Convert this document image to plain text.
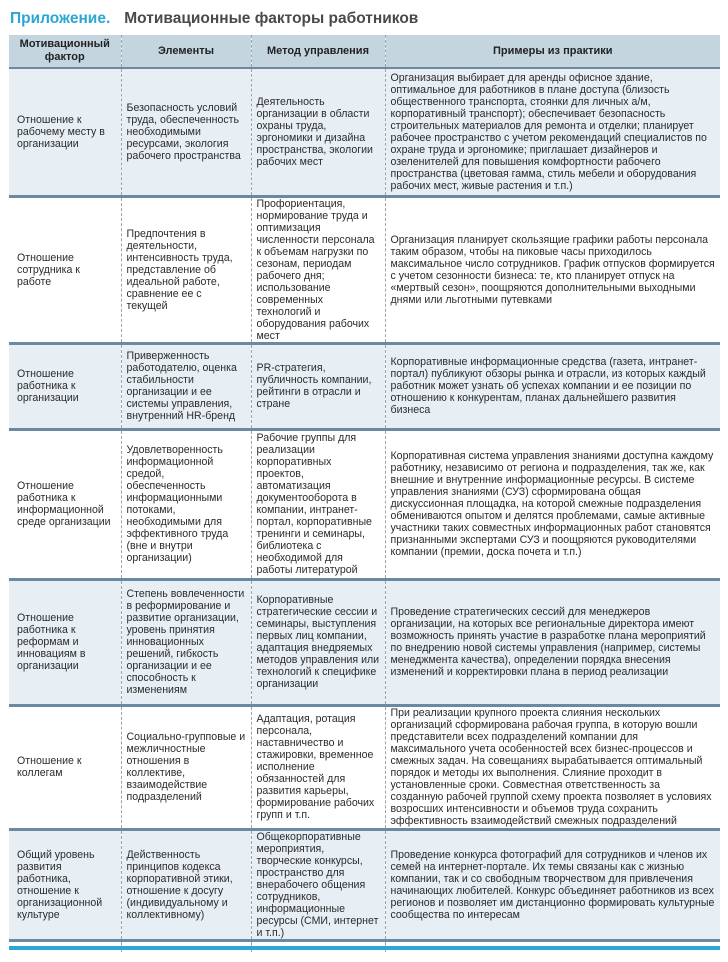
Приложение. Мотивационные факторы работников
Мотивационный фактор	Элементы	Метод управления	Примеры из практики
Отношение к рабочему месту в организации	Безопасность условий труда, обеспеченность необходимыми ресурсами, экология рабочего пространства	Деятельность организации в области охраны труда, эргономики и дизайна пространства, экологии рабочих мест	Организация выбирает для аренды офисное здание, оптимальное для работников в плане доступа (близость общественного транспорта, стоянки для личных а/м, корпоративный транспорт); обеспечивает безопасность строительных материалов для ремонта и отделки; планирует рабочее пространство с учетом рекомендаций специалистов по охране труда и эргономике; приглашает дизайнеров и озеленителей для повышения комфортности рабочего пространства (цветовая гамма, стиль мебели и оборудования рабочих мест, живые растения и т.п.)
Отношение сотрудника к работе	Предпочтения в деятельности, интенсивность труда, представление об идеальной работе, сравнение ее с текущей	Профориентация, нормирование труда и оптимизация численности персонала к объемам нагрузки по сезонам, периодам рабочего дня; использование современных технологий и оборудования рабочих мест	Организация планирует скользящие графики работы персонала таким образом, чтобы на пиковые часы приходилось максимальное число сотрудников. График отпусков формируется с учетом сезонности бизнеса: те, кто планирует отпуск на «мертвый сезон», поощряются дополнительными выходными днями или льготными путевками
Отношение работника к организации	Приверженность работодателю, оценка стабильности организации и ее системы управления, внутренний HR-бренд	PR-стратегия, публичность компании, рейтинги в отрасли и стране	Корпоративные информационные средства (газета, интранет-портал) публикуют обзоры рынка и отрасли, из которых каждый работник может узнать об успехах компании и ее позиции по отношению к конкурентам, планах дальнейшего развития бизнеса
Отношение работника к информационной среде организации	Удовлетворенность информационной средой, обеспеченность информационными потоками, необходимыми для эффективного труда (вне и внутри организации)	Рабочие группы для реализации корпоративных проектов, автоматизация документооборота в компании, интранет-портал, корпоративные тренинги и семинары, библиотека с необходимой для работы литературой	Корпоративная система управления знаниями доступна каждому работнику, независимо от региона и подразделения, так же, как внешние и внутренние информационные ресурсы. В системе управления знаниями (СУЗ) сформирована общая дискуссионная площадка, на которой смежные подразделения обмениваются опытом и делятся проблемами, самые активные участники таких совместных информационных работ становятся признанными экспертами СУЗ и поощряются руководителями компании (премии, доска почета и т.п.)
Отношение работника к реформам и инновациям в организации	Степень вовлеченности в реформирование и развитие организации, уровень принятия инновационных решений, гибкость организации и ее способность к изменениям	Корпоративные стратегические сессии и семинары, выступления первых лиц компании, адаптация внедряемых методов управления или технологий к специфике организации	Проведение стратегических сессий для менеджеров организации, на которых все региональные директора имеют возможность принять участие в разработке плана мероприятий по внедрению новой системы управления (например, системы менеджмента качества), определении порядка внесения изменений и корректировки плана в период реализации
Отношение к коллегам	Социально-групповые и межличностные отношения в коллективе, взаимодействие подразделений	Адаптация, ротация персонала, наставничество и стажировки, временное исполнение обязанностей для развития карьеры, формирование рабочих групп и т.п.	При реализации крупного проекта слияния нескольких организаций сформирована рабочая группа, в которую вошли представители всех подразделений компании для максимального учета особенностей всех бизнес-процессов и смежных задач. На совещаниях вырабатывается оптимальный порядок и методы их выполнения. Слияние проходит в установленные сроки. Совместная ответственность за созданную рабочей группой схему проекта позволяет в условиях возросших интенсивности и объемов труда сохранить эффективность взаимодействий смежных подразделений
Общий уровень развития работника, отношение к организационной культуре	Действенность принципов кодекса корпоративной этики, отношение к досугу (индивидуальному и коллективному)	Общекорпоративные мероприятия, творческие конкурсы, пространство для внерабочего общения сотрудников, информационные ресурсы (СМИ, интернет и т.п.)	Проведение конкурса фотографий для сотрудников и членов их семей на интернет-портале. Их темы связаны как с жизнью компании, так и со свободным творчеством для привлечения начинающих любителей. Конкурс объединяет работников из всех регионов и позволяет им дистанционно формировать культурные сообщества по интересам
